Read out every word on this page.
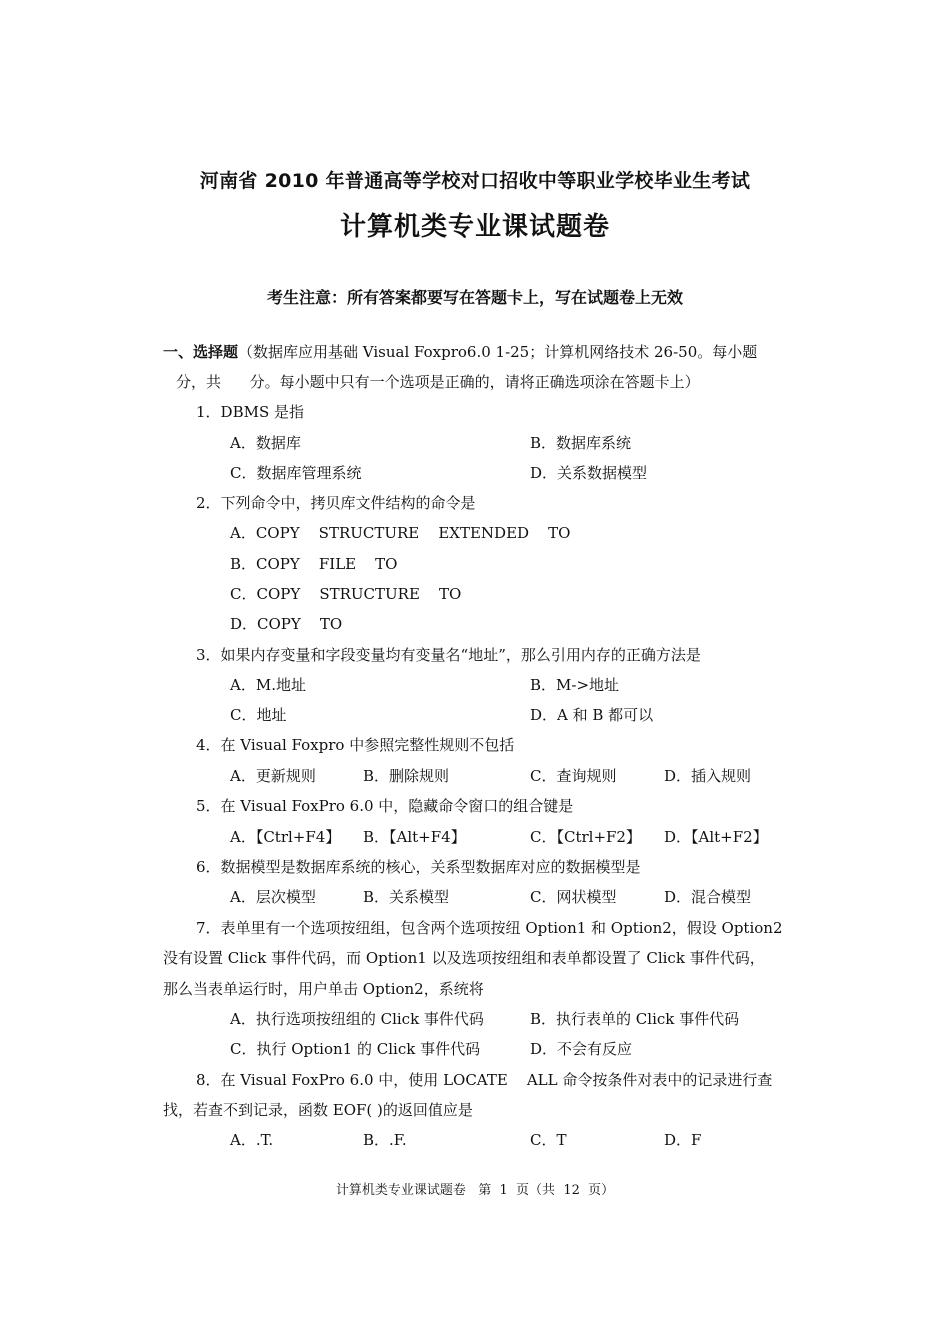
河南省 2010 年普通高等学校对口招收中等职业学校毕业生考试
计算机类专业课试题卷
考生注意：所有答案都要写在答题卡上，写在试题卷上无效
一、选择题（数据库应用基础 Visual Foxpro6.0 1-25；计算机网络技术 26-50。每小题
分，共      分。每小题中只有一个选项是正确的，请将正确选项涂在答题卡上）
1．DBMS 是指
A．数据库	B．数据库系统
C．数据库管理系统	D．关系数据模型
2．下列命令中，拷贝库文件结构的命令是
A．COPY    STRUCTURE    EXTENDED    TO
B．COPY    FILE    TO
C．COPY    STRUCTURE    TO
D．COPY    TO
3．如果内存变量和字段变量均有变量名“地址”，那么引用内存的正确方法是
A．M.地址	B．M->地址
C．地址	D．A 和 B 都可以
4．在 Visual Foxpro 中参照完整性规则不包括
A．更新规则	B．删除规则	C．查询规则	D．插入规则
5．在 Visual FoxPro 6.0 中，隐藏命令窗口的组合键是
A．【Ctrl+F4】 B．【Alt+F4】	C．【Ctrl+F2】 D．【Alt+F2】
6．数据模型是数据库系统的核心，关系型数据库对应的数据模型是
A．层次模型	B．关系模型	C．网状模型	D．混合模型
7．表单里有一个选项按纽组，包含两个选项按纽 Option1 和 Option2，假设 Option2
没有设置 Click 事件代码，而 Option1 以及选项按纽组和表单都设置了 Click 事件代码，
那么当表单运行时，用户单击 Option2，系统将
A．执行选项按纽组的 Click 事件代码	B．执行表单的 Click 事件代码
C．执行 Option1 的 Click 事件代码	D．不会有反应
8．在 Visual FoxPro 6.0 中，使用 LOCATE    ALL 命令按条件对表中的记录进行查
找，若查不到记录，函数 EOF( )的返回值应是
A．.T.	B．.F.	C．T	D．F
计算机类专业课试题卷   第  1  页（共  12  页）
